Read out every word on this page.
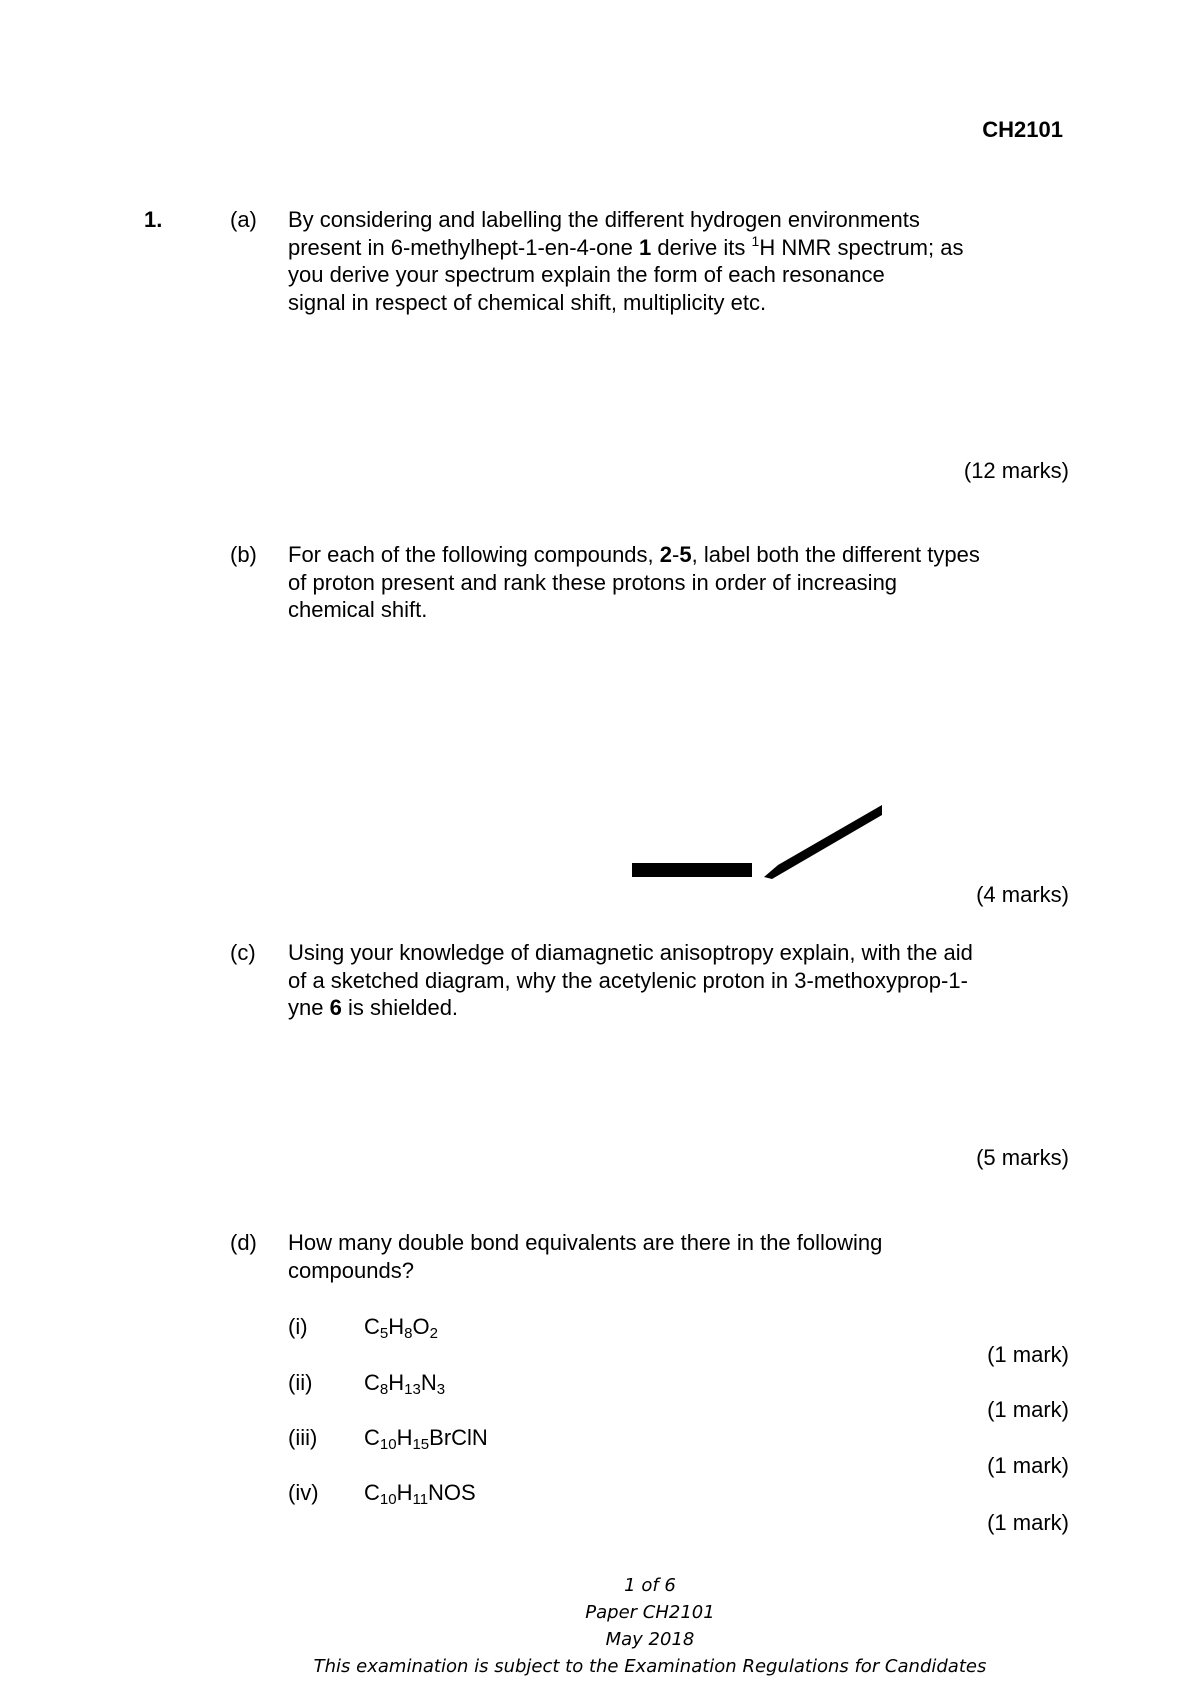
CH2101
1.	(a) By considering and labelling the different hydrogen environments
present in 6-methylhept-1-en-4-one 1 derive its $^1$H NMR spectrum; as
you derive your spectrum explain the form of each resonance
signal in respect of chemical shift, multiplicity etc.
(12 marks)
(b) For each of the following compounds, 2-5, label both the different types
of proton present and rank these protons in order of increasing
chemical shift.
(4 marks)
(c) Using your knowledge of diamagnetic anisoptropy explain, with the aid
of a sketched diagram, why the acetylenic proton in 3-methoxyprop-1-
yne 6 is shielded.
(5 marks)
(d) How many double bond equivalents are there in the following
compounds?
(i)	$C_5H_8O_2$
(1 mark)
(ii) $C_8H_{13}N_3$
(1 mark)
(iii) $C_{10}H_{15}BrClN$
(1 mark)
(iv) $C_{10}H_{11}NOS$
(1 mark)
1 of 6
Paper CH2101
May 2018
This examination is subject to the Examination Regulations for Candidates
